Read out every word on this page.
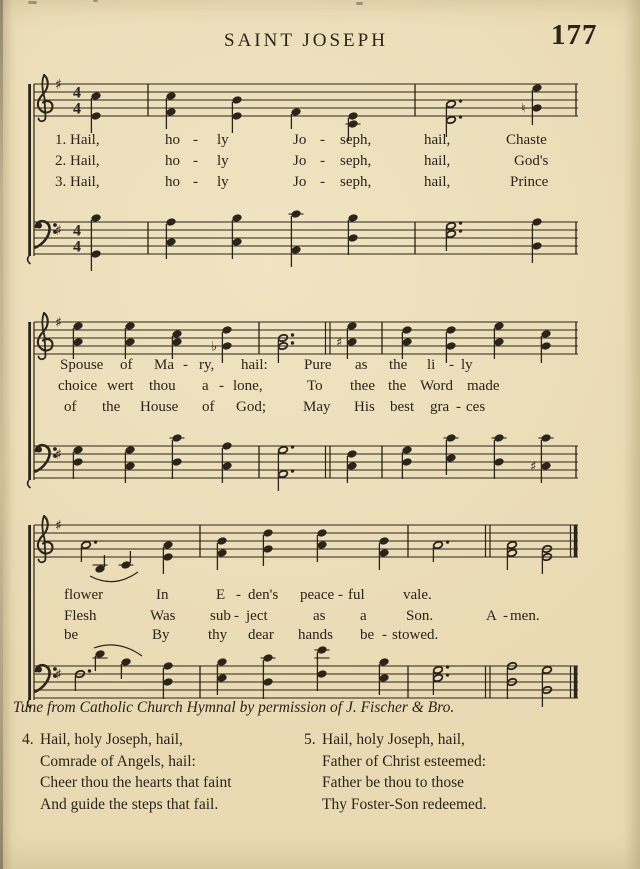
SAINT JOSEPH	177
♯ 4
4	♮
♯ 4
4
♯
♭	♯
♯
♯
♯
♯
1. Hail,	ho - ly	Jo - seph,	hail,	Chaste
2. Hail,	ho - ly	Jo - seph,	hail,	God's
3. Hail,	ho - ly	Jo - seph,	hail,	Prince
Spouse of Ma - ry, hail: Pure as the li - ly
choice wert thou a - lone,	To thee the Word made
of the House of God; May His best gra - ces
flower	In	E - den's peace - ful	vale.
Flesh	Was sub - ject	as a	Son.	A - men.
be	By	thy dear hands be - stowed.
Tune from Catholic Church Hymnal by permission of J. Fischer & Bro.
4. Hail, holy Joseph, hail,
Comrade of Angels, hail:
Cheer thou the hearts that faint
And guide the steps that fail.
5. Hail, holy Joseph, hail,
Father of Christ esteemed:
Father be thou to those
Thy Foster-Son redeemed.
